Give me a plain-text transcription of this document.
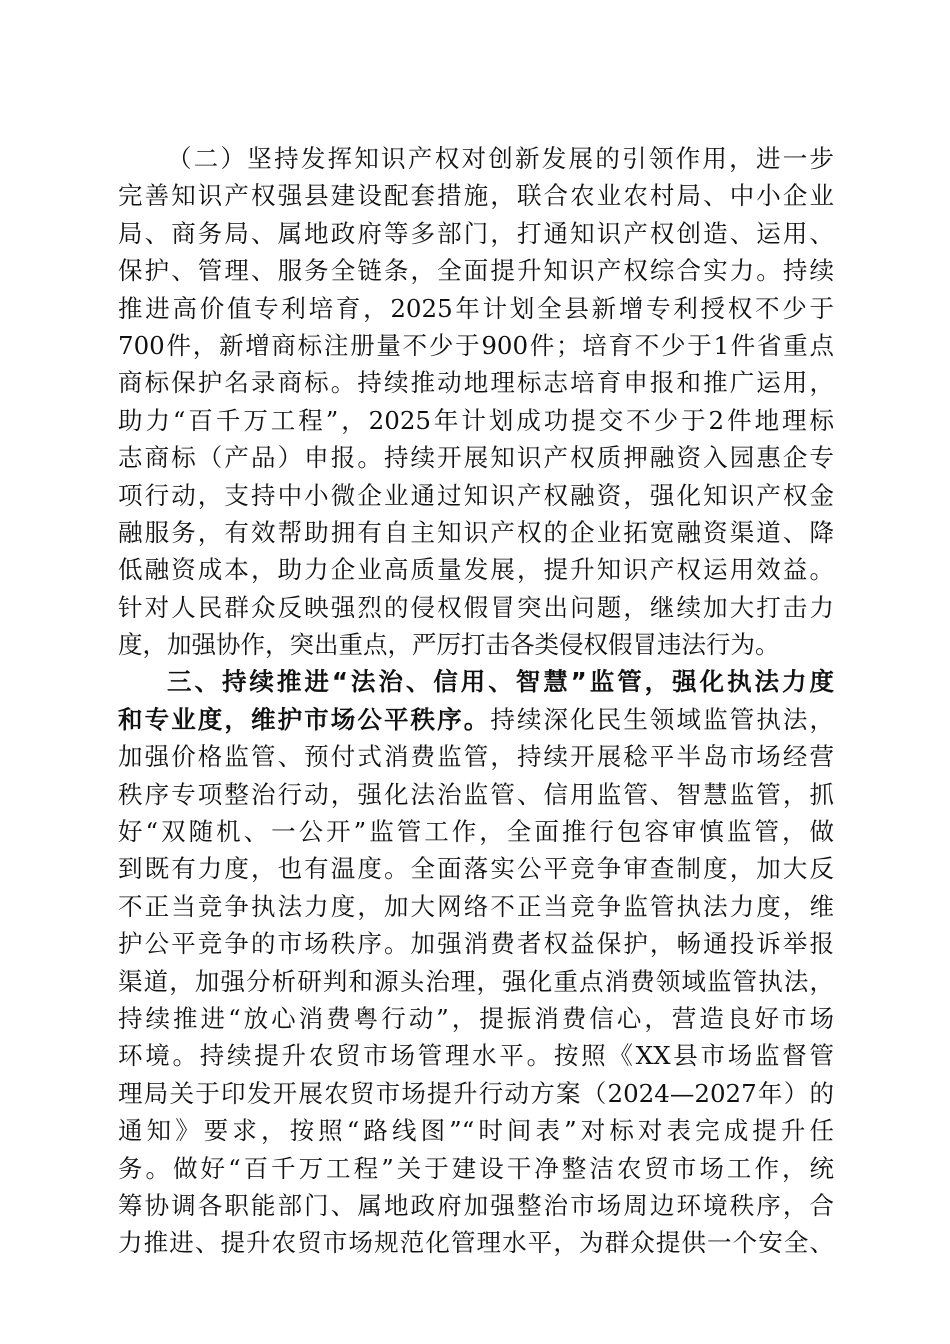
（二）坚持发挥知识产权对创新发展的引领作用，进一步
完善知识产权强县建设配套措施，联合农业农村局、中小企业
局、商务局、属地政府等多部门，打通知识产权创造、运用、
保护、管理、服务全链条，全面提升知识产权综合实力。持续
推进高价值专利培育，2025年计划全县新增专利授权不少于
700件，新增商标注册量不少于900件；培育不少于1件省重点
商标保护名录商标。持续推动地理标志培育申报和推广运用，
助力“百千万工程”，2025年计划成功提交不少于2件地理标
志商标（产品）申报。持续开展知识产权质押融资入园惠企专
项行动，支持中小微企业通过知识产权融资，强化知识产权金
融服务，有效帮助拥有自主知识产权的企业拓宽融资渠道、降
低融资成本，助力企业高质量发展，提升知识产权运用效益。
针对人民群众反映强烈的侵权假冒突出问题，继续加大打击力
度，加强协作，突出重点，严厉打击各类侵权假冒违法行为。
三、持续推进“法治、信用、智慧”监管，强化执法力度
和专业度，维护市场公平秩序。持续深化民生领域监管执法，
加强价格监管、预付式消费监管，持续开展稔平半岛市场经营
秩序专项整治行动，强化法治监管、信用监管、智慧监管，抓
好“双随机、一公开”监管工作，全面推行包容审慎监管，做
到既有力度，也有温度。全面落实公平竞争审查制度，加大反
不正当竞争执法力度，加大网络不正当竞争监管执法力度，维
护公平竞争的市场秩序。加强消费者权益保护，畅通投诉举报
渠道，加强分析研判和源头治理，强化重点消费领域监管执法，
持续推进“放心消费粤行动”，提振消费信心，营造良好市场
环境。持续提升农贸市场管理水平。按照《XX县市场监督管
理局关于印发开展农贸市场提升行动方案（2024—2027年）的
通知》要求，按照“路线图”“时间表”对标对表完成提升任
务。做好“百千万工程”关于建设干净整洁农贸市场工作，统
筹协调各职能部门、属地政府加强整治市场周边环境秩序，合
力推进、提升农贸市场规范化管理水平，为群众提供一个安全、
